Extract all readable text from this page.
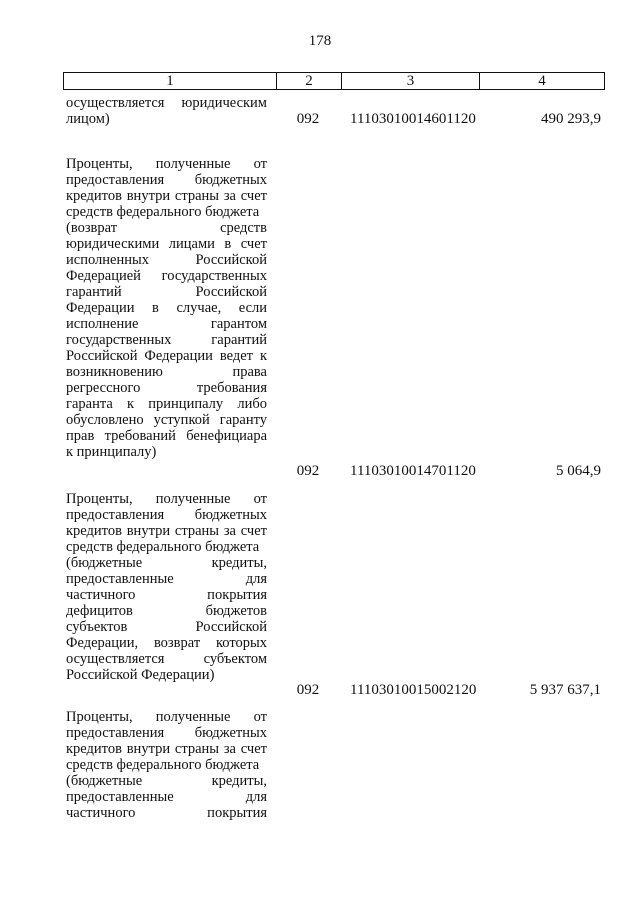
178
1	2	3	4
осуществляется юридическим
лицом)	092	11103010014601120	490 293,9
Проценты, полученные от
предоставления бюджетных
кредитов внутри страны за счет
средств федерального бюджета
(возврат средств
юридическими лицами в счет
исполненных Российской
Федерацией государственных
гарантий Российской
Федерации в случае, если
исполнение гарантом
государственных гарантий
Российской Федерации ведет к
возникновению права
регрессного требования
гаранта к принципалу либо
обусловлено уступкой гаранту
прав требований бенефициара
к принципалу)
092	11103010014701120	5 064,9
Проценты, полученные от
предоставления бюджетных
кредитов внутри страны за счет
средств федерального бюджета
(бюджетные кредиты,
предоставленные для
частичного покрытия
дефицитов бюджетов
субъектов Российской
Федерации, возврат которых
осуществляется субъектом
Российской Федерации)
092	11103010015002120	5 937 637,1
Проценты, полученные от
предоставления бюджетных
кредитов внутри страны за счет
средств федерального бюджета
(бюджетные кредиты,
предоставленные для
частичного покрытия
